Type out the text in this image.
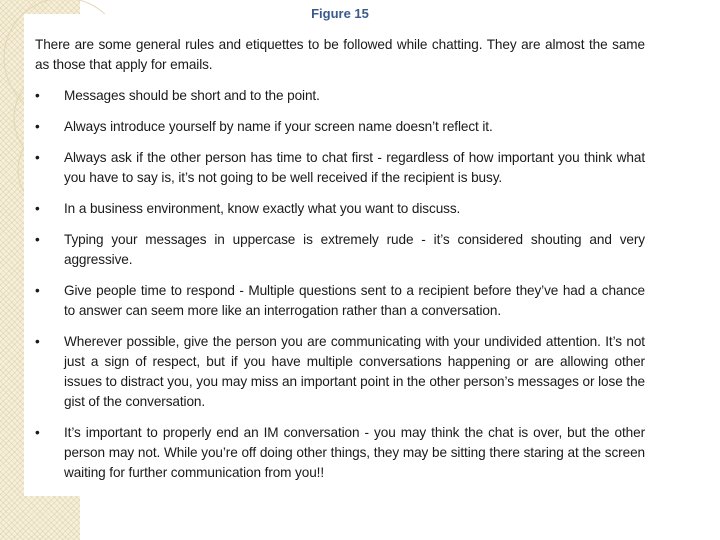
Figure 15

There are some general rules and etiquettes to be followed while chatting. They are almost the same as those that apply for emails.

•	Messages should be short and to the point.
•	Always introduce yourself by name if your screen name doesn’t reflect it.
•	Always ask if the other person has time to chat first - regardless of how important you think what you have to say is, it’s not going to be well received if the recipient is busy.
•	In a business environment, know exactly what you want to discuss.
•	Typing your messages in uppercase is extremely rude - it’s considered shouting and very aggressive.
•	Give people time to respond - Multiple questions sent to a recipient before they’ve had a chance to answer can seem more like an interrogation rather than a conversation.
•	Wherever possible, give the person you are communicating with your undivided attention. It’s not just a sign of respect, but if you have multiple conversations happening or are allowing other issues to distract you, you may miss an important point in the other person’s messages or lose the gist of the conversation.
•	It’s important to properly end an IM conversation - you may think the chat is over, but the other person may not. While you’re off doing other things, they may be sitting there staring at the screen waiting for further communication from you!!
